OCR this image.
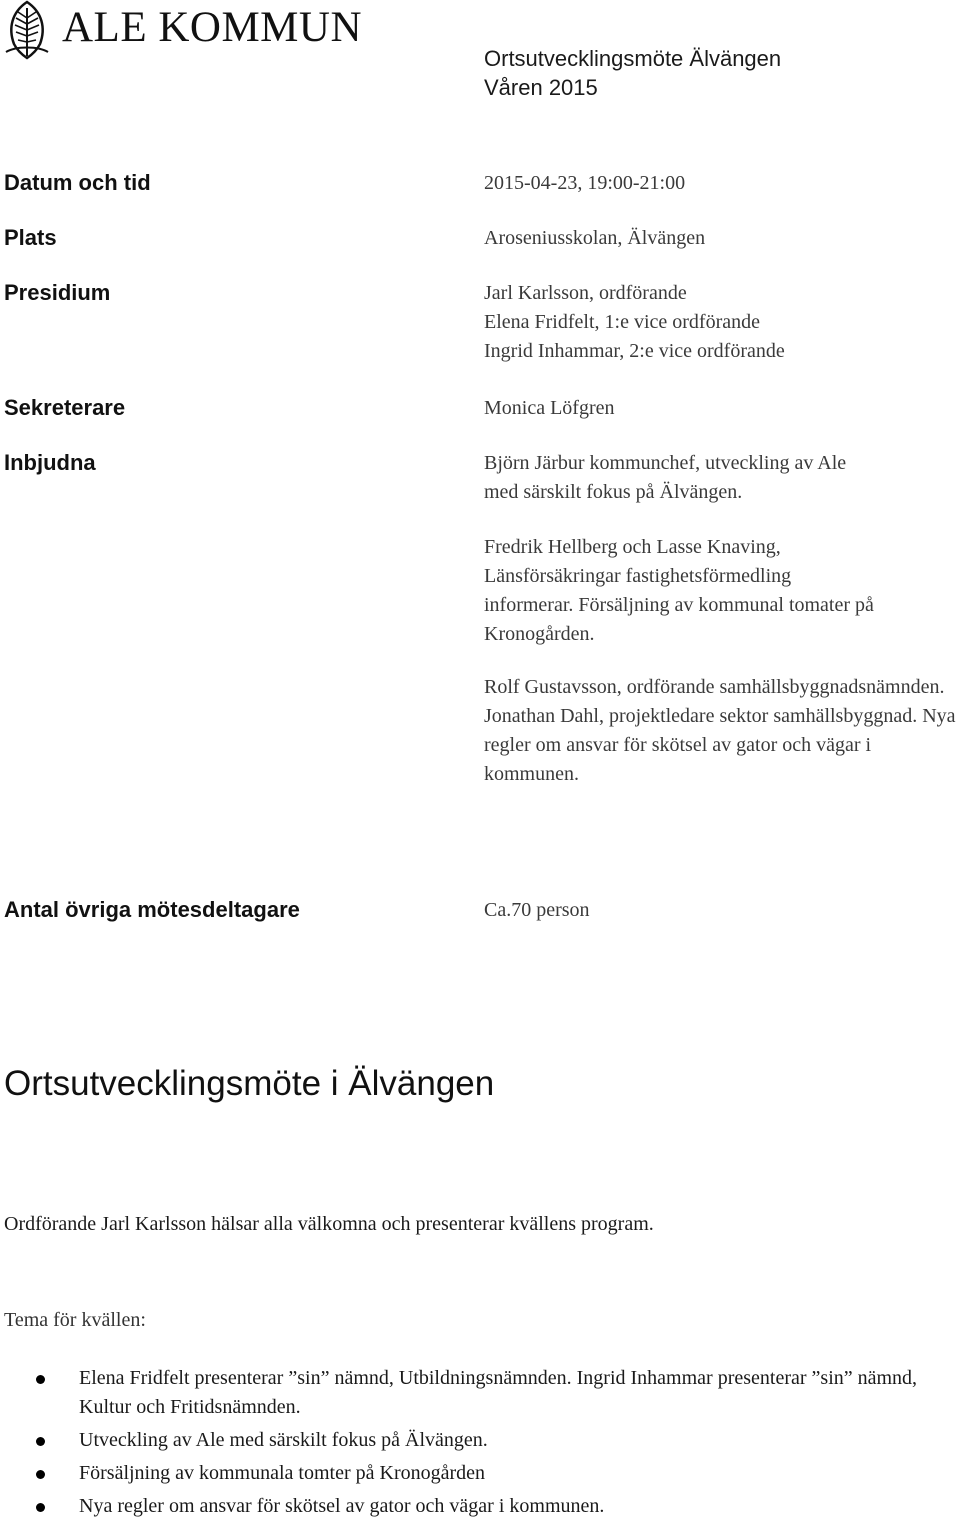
ALE KOMMUN
Ortsutvecklingsmöte Älvängen
Våren 2015
Datum och tid	2015-04-23, 19:00-21:00
Plats	Aroseniusskolan, Älvängen
Presidium	Jarl Karlsson, ordförande
Elena Fridfelt, 1:e vice ordförande
Ingrid Inhammar, 2:e vice ordförande
Sekreterare	Monica Löfgren
Inbjudna	Björn Järbur kommunchef, utveckling av Ale med särskilt fokus på Älvängen.
Fredrik Hellberg och Lasse Knaving, Länsförsäkringar fastighetsförmedling informerar. Försäljning av kommunal tomater på Kronogården.
Rolf Gustavsson, ordförande samhällsbyggnadsnämnden. Jonathan Dahl, projektledare sektor samhällsbyggnad. Nya regler om ansvar för skötsel av gator och vägar i kommunen.
Antal övriga mötesdeltagare	Ca.70 person
Ortsutvecklingsmöte i Älvängen
Ordförande Jarl Karlsson hälsar alla välkomna och presenterar kvällens program.
Tema för kvällen:
Elena Fridfelt presenterar ”sin” nämnd, Utbildningsnämnden. Ingrid Inhammar presenterar ”sin” nämnd, Kultur och Fritidsnämnden.
Utveckling av Ale med särskilt fokus på Älvängen.
Försäljning av kommunala tomter på Kronogården
Nya regler om ansvar för skötsel av gator och vägar i kommunen.
